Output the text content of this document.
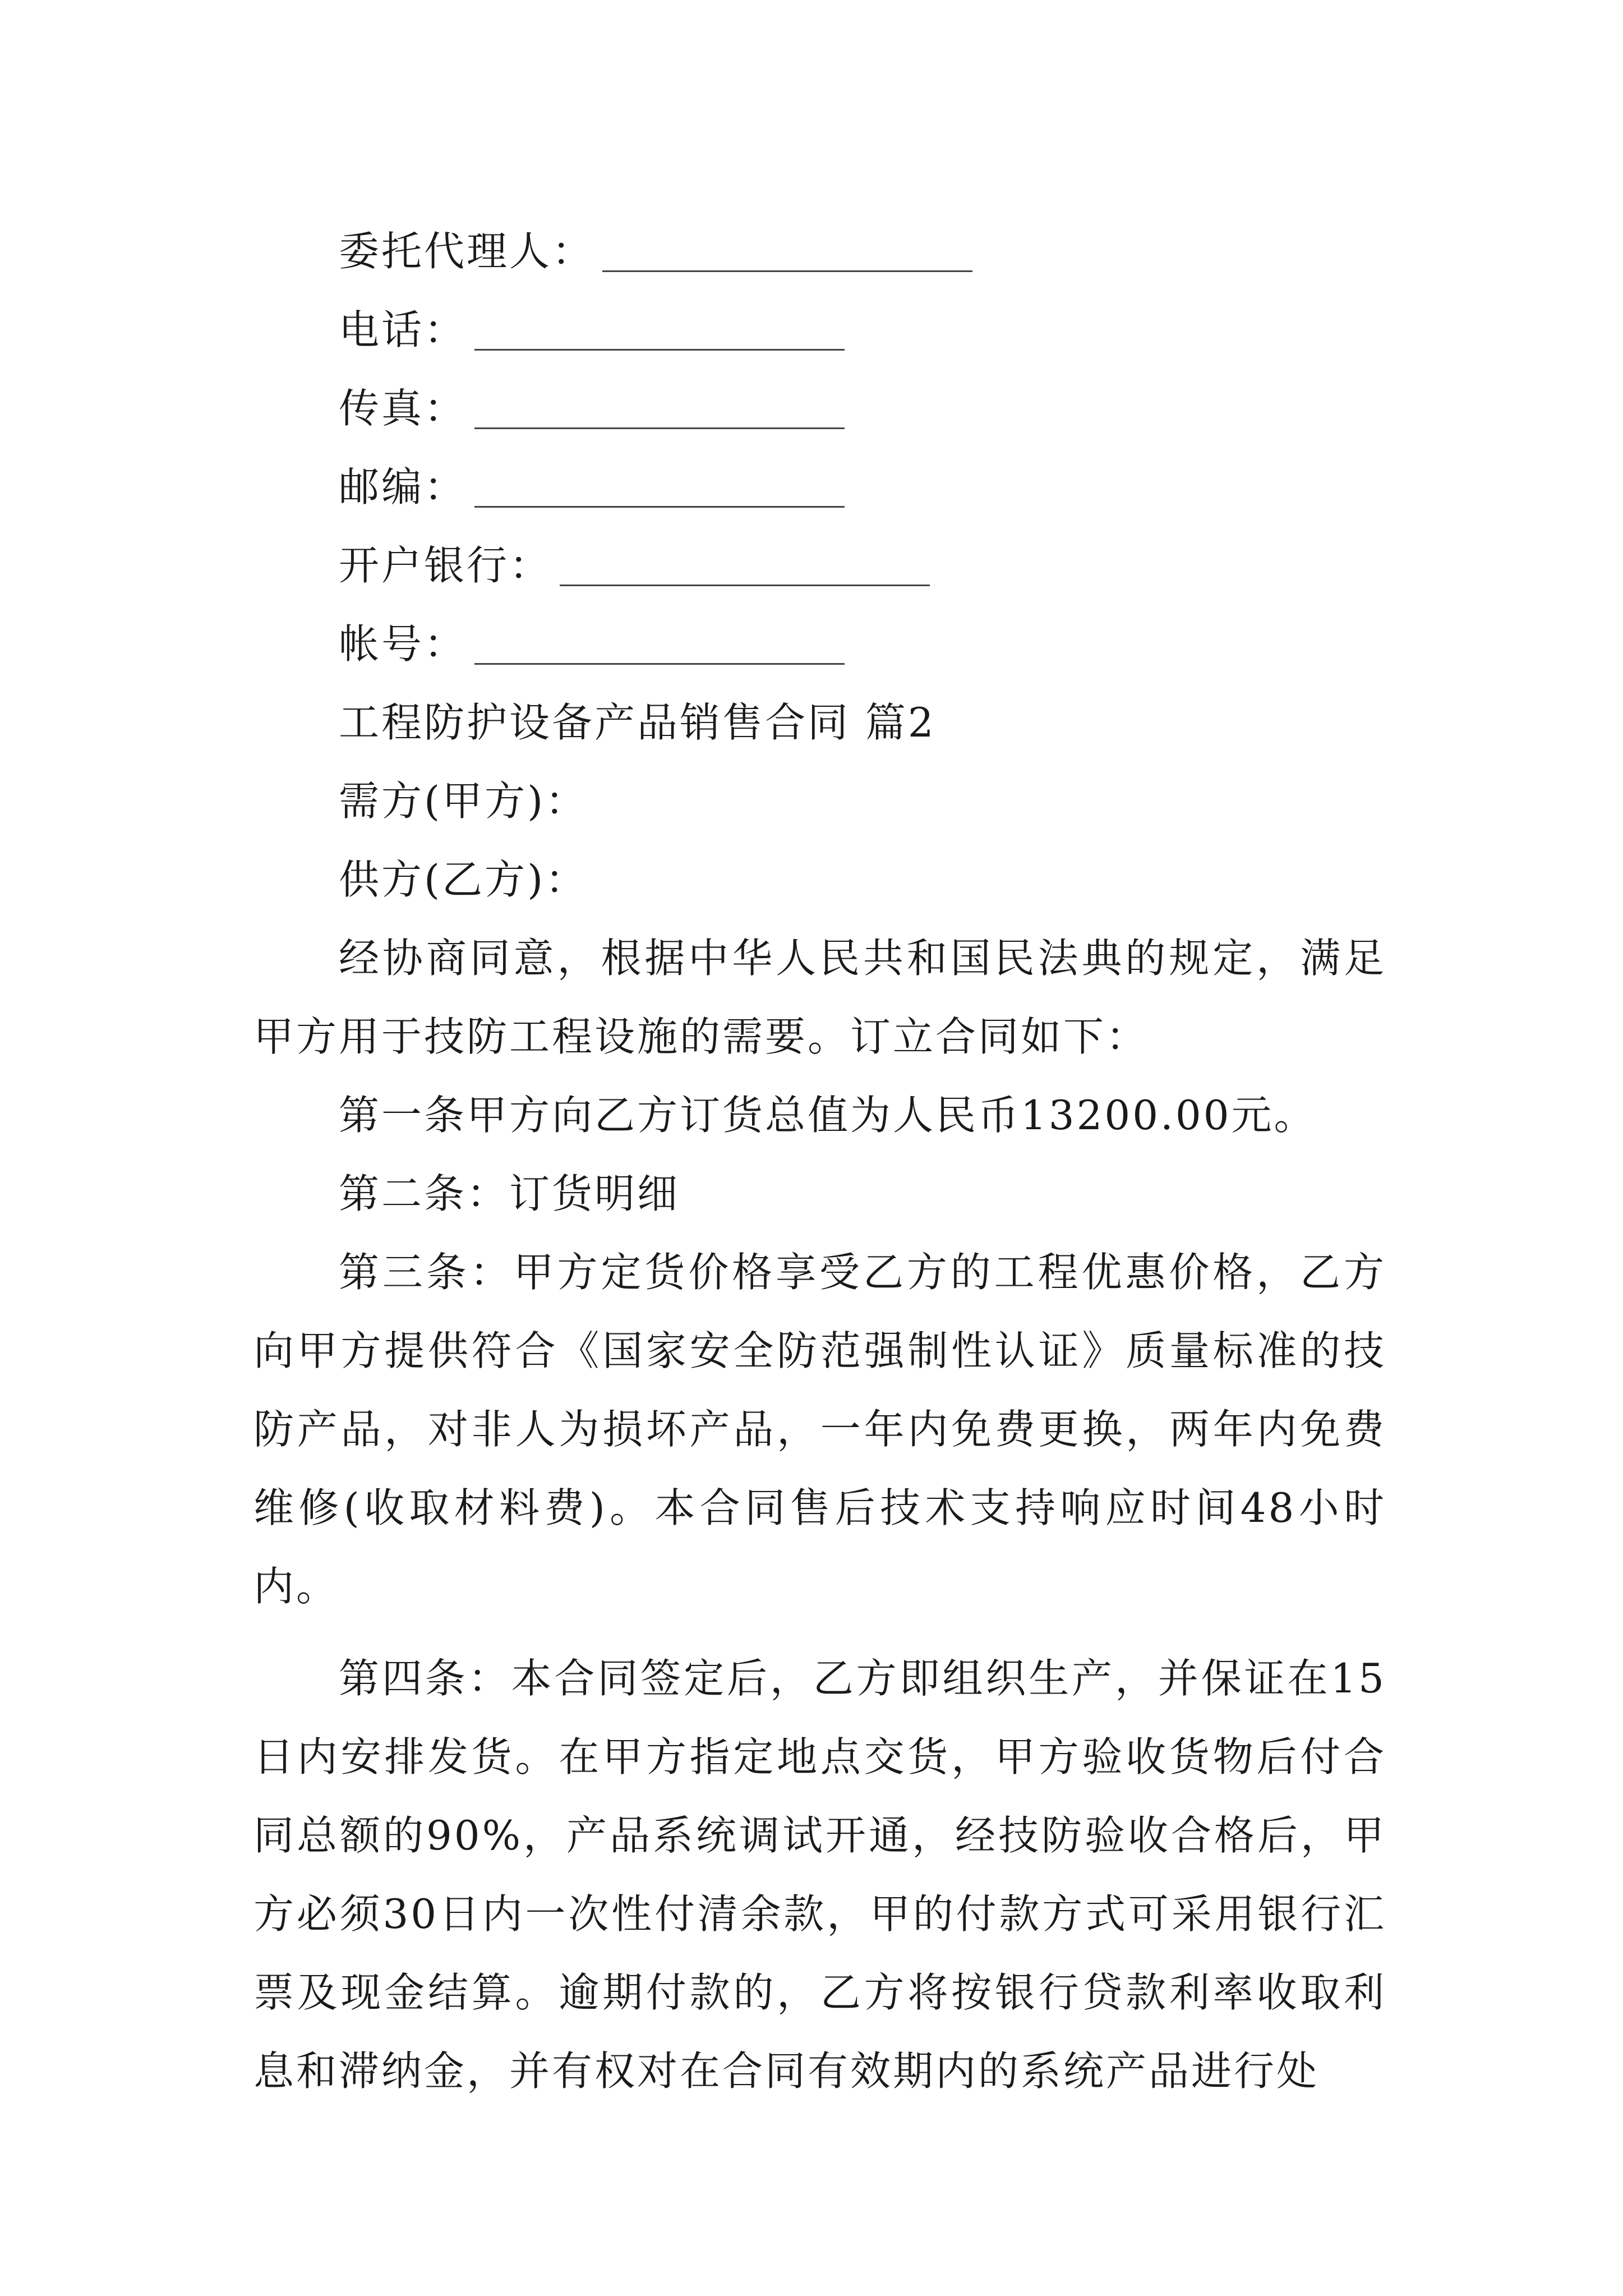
委托代理人：
电话：
传真：
邮编：
开户银行：
帐号：
工程防护设备产品销售合同 篇2
需方(甲方)：
供方(乙方)：

经协商同意，根据中华人民共和国民法典的规定，满足甲方用于技防工程设施的需要。订立合同如下：

第一条甲方向乙方订货总值为人民币13200.00元。

第二条：订货明细

第三条：甲方定货价格享受乙方的工程优惠价格，乙方向甲方提供符合《国家安全防范强制性认证》质量标准的技防产品，对非人为损坏产品，一年内免费更换，两年内免费维修(收取材料费)。本合同售后技术支持响应时间48小时内。

第四条：本合同签定后，乙方即组织生产，并保证在15日内安排发货。在甲方指定地点交货，甲方验收货物后付合同总额的90%，产品系统调试开通，经技防验收合格后，甲方必须30日内一次性付清余款，甲的付款方式可采用银行汇票及现金结算。逾期付款的，乙方将按银行贷款利率收取利息和滞纳金，并有权对在合同有效期内的系统产品进行处
